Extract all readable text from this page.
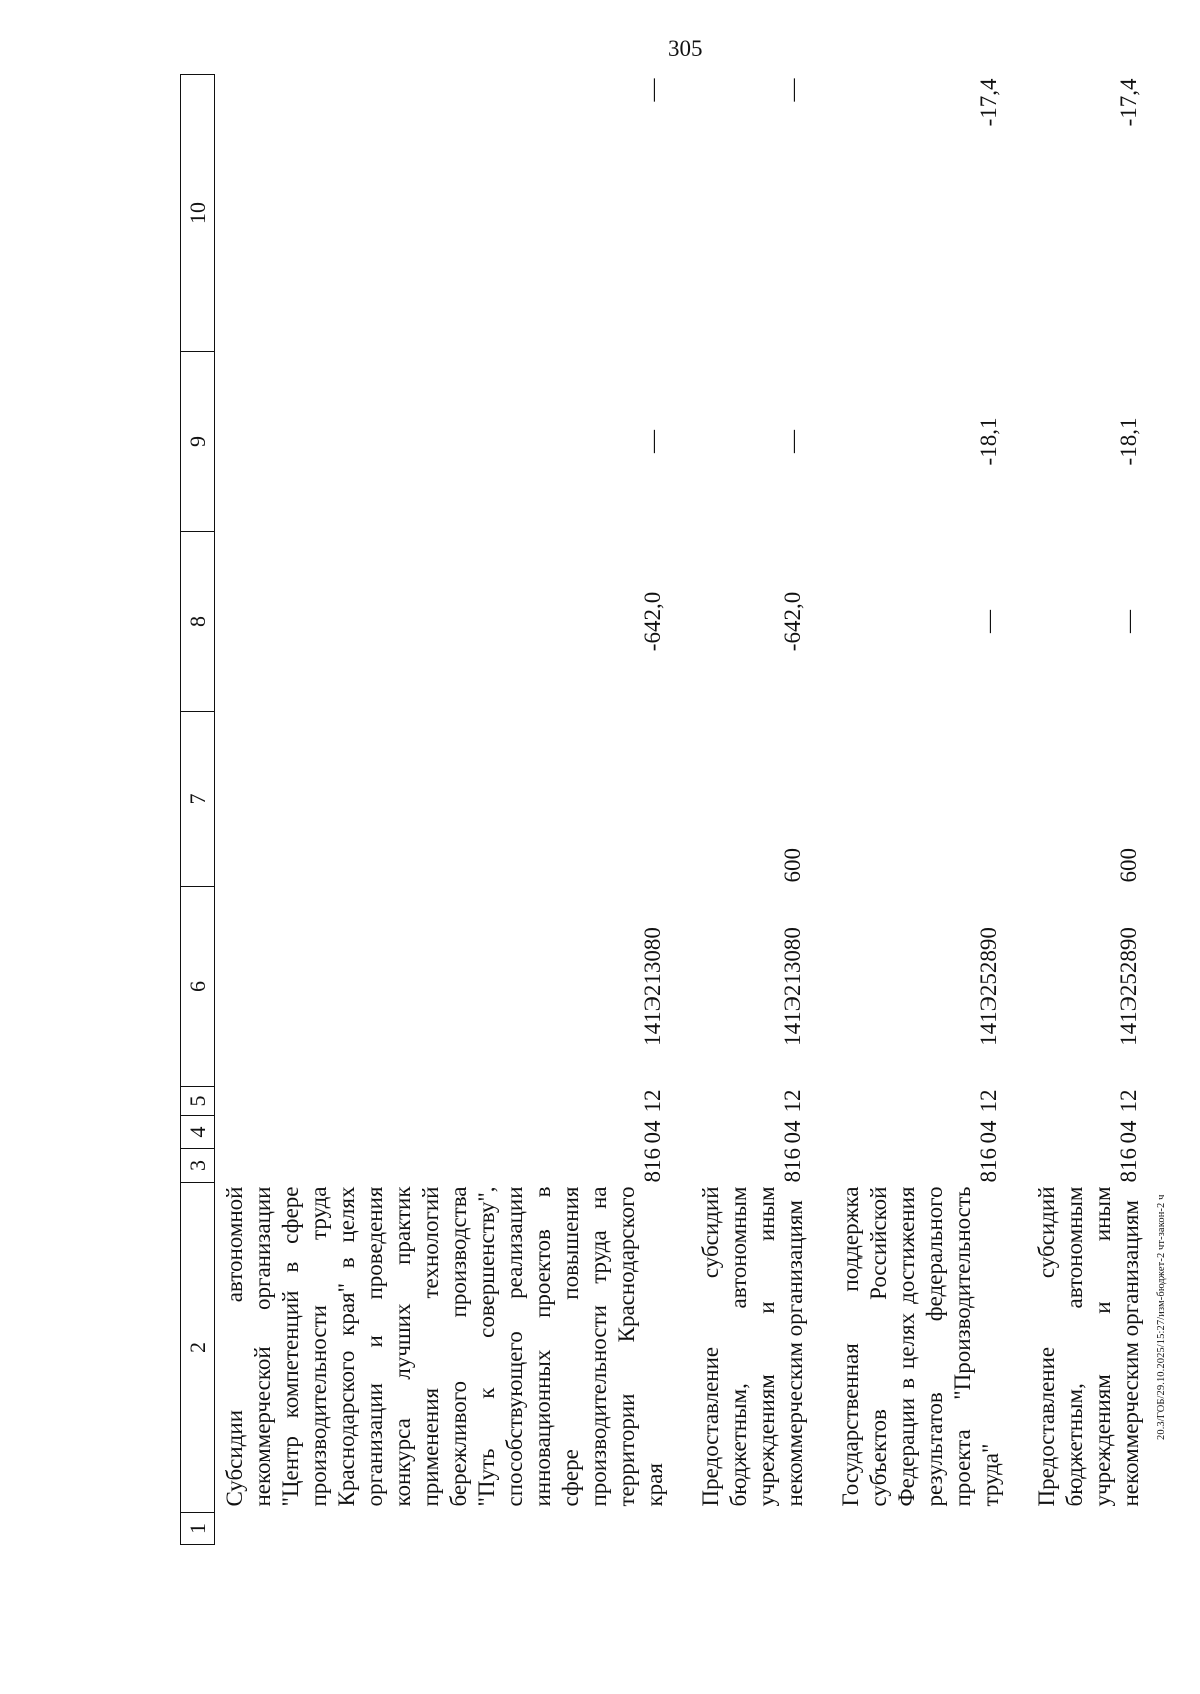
305
1	2	3	4	5	6	7	8	9	10
	Субсидии автономной некоммерческой организации "Центр компетенций в сфере производительности труда Краснодарского края" в целях организации и проведения конкурса лучших практик применения технологий бережливого производства "Путь к совершенству", способствующего реализации инновационных проектов в сфере повышения производительности труда на территории Краснодарского края	816	04	12	141Э213080		-642,0	—	—

	Предоставление субсидий бюджетным, автономным учреждениям и иным некоммерческим организациям	816	04	12	141Э213080	600	-642,0	—	—

	Государственная поддержка субъектов Российской Федерации в целях достижения результатов федерального проекта "Производительность труда"	816	04	12	141Э252890		—	-18,1	-17,4

	Предоставление субсидий бюджетным, автономным учреждениям и иным некоммерческим организациям	816	04	12	141Э252890	600	—	-18,1	-17,4
20.3/ГОБ/29.10.2025/15:27/изм-бюджет-2 чт-закон-2 ч
